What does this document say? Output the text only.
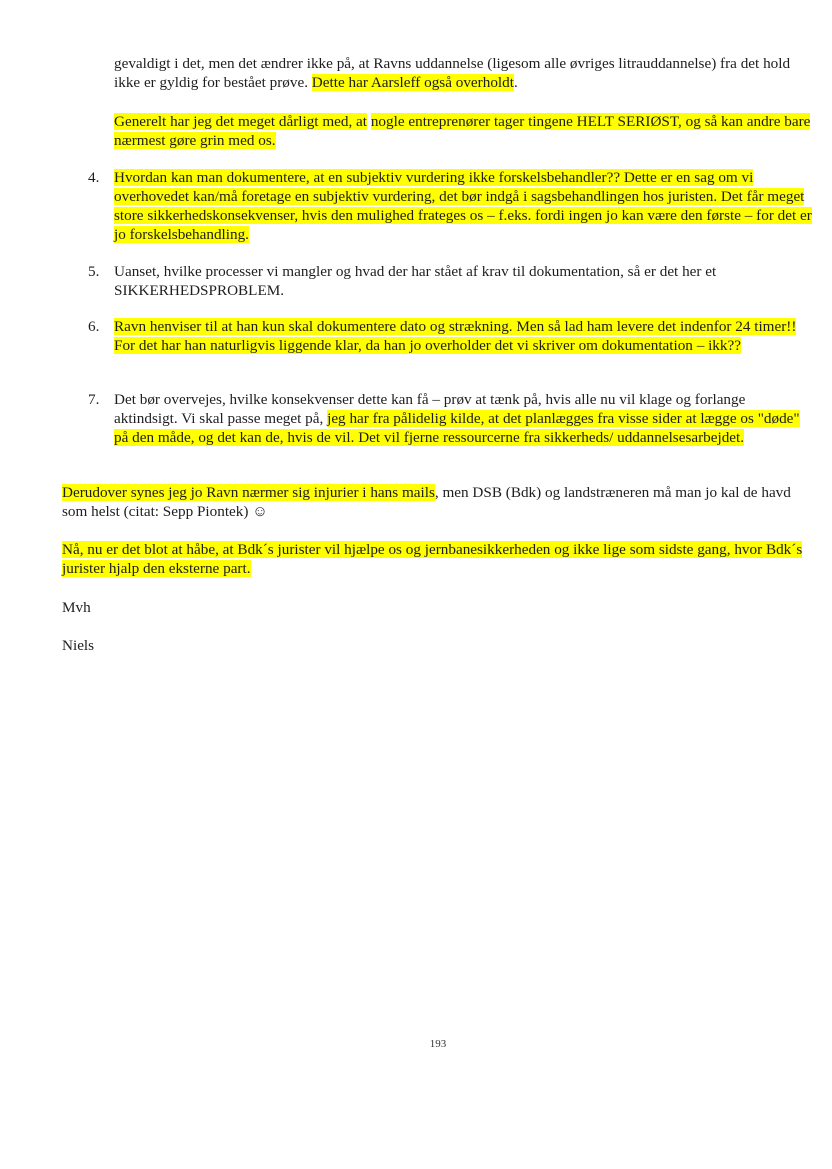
gevaldigt i det, men det ændrer ikke på, at Ravns uddannelse (ligesom alle øvriges litrauddannelse) fra det hold ikke er gyldig for bestået prøve. Dette har Aarsleff også overholdt.

Generelt har jeg det meget dårligt med, at nogle entreprenører tager tingene HELT SERIØST, og så kan andre bare nærmest gøre grin med os.

4. Hvordan kan man dokumentere, at en subjektiv vurdering ikke forskelsbehandler?? Dette er en sag om vi overhovedet kan/må foretage en subjektiv vurdering, det bør indgå i sagsbehandlingen hos juristen. Det får meget store sikkerhedskonsekvenser, hvis den mulighed frateges os – f.eks. fordi ingen jo kan være den første – for det er jo forskelsbehandling.

5. Uanset, hvilke processer vi mangler og hvad der har stået af krav til dokumentation, så er det her et SIKKERHEDSPROBLEM.

6. Ravn henviser til at han kun skal dokumentere dato og strækning. Men så lad ham levere det indenfor 24 timer!! For det har han naturligvis liggende klar, da han jo overholder det vi skriver om dokumentation – ikk??

7. Det bør overvejes, hvilke konsekvenser dette kan få – prøv at tænk på, hvis alle nu vil klage og forlange aktindsigt. Vi skal passe meget på, jeg har fra pålidelig kilde, at det planlægges fra visse sider at lægge os "døde" på den måde, og det kan de, hvis de vil. Det vil fjerne ressourcerne fra sikkerheds/ uddannelsesarbejdet.

Derudover synes jeg jo Ravn nærmer sig injurier i hans mails, men DSB (Bdk) og landstræneren må man jo kal de havd som helst (citat: Sepp Piontek) ☺

Nå, nu er det blot at håbe, at Bdk´s jurister vil hjælpe os og jernbanesikkerheden og ikke lige som sidste gang, hvor Bdk´s jurister hjalp den eksterne part.

Mvh
Niels
193
